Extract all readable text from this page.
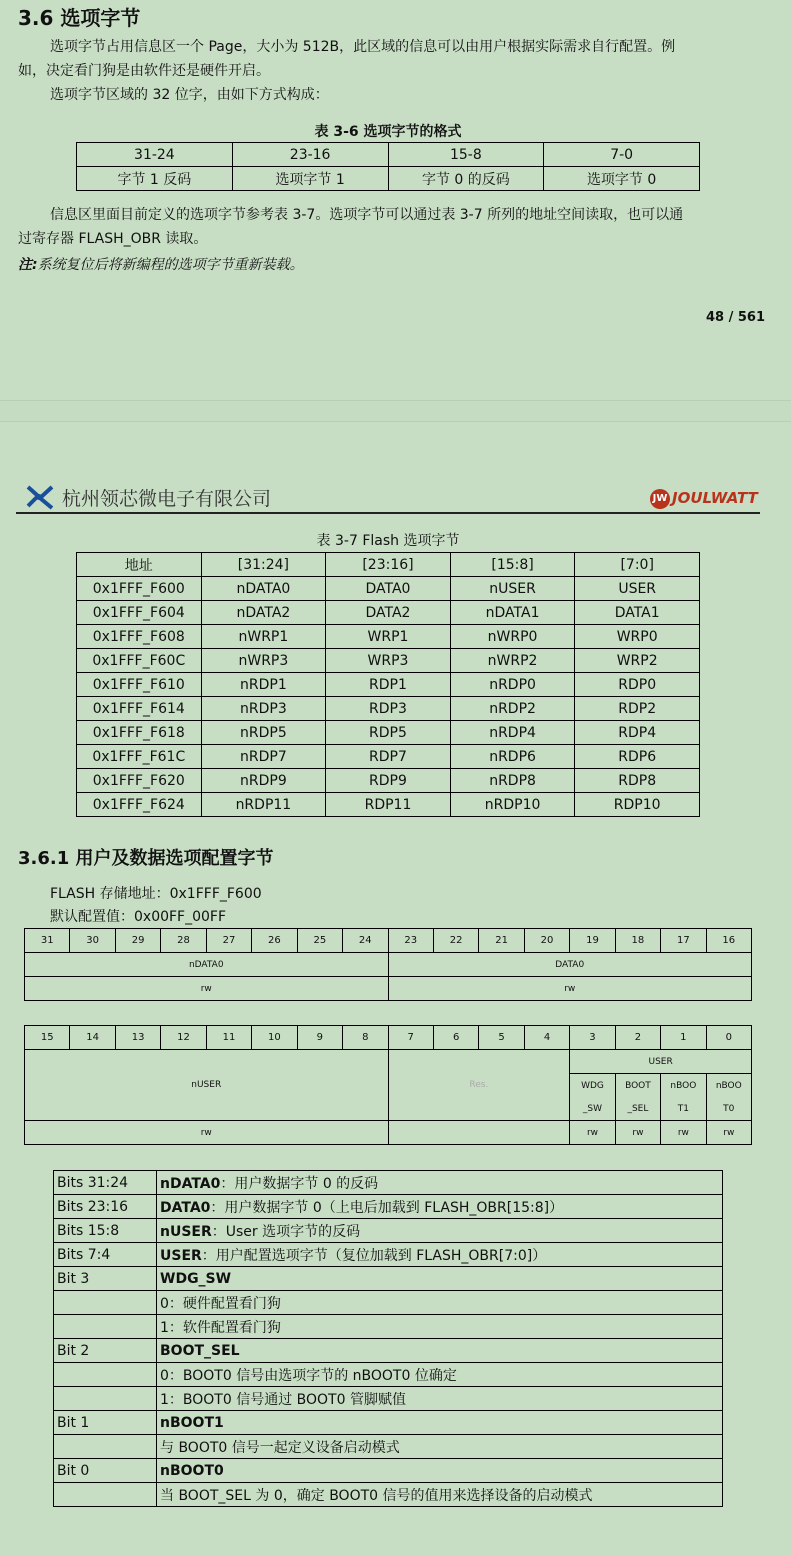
3.6 选项字节
选项字节占用信息区一个 Page，大小为 512B，此区域的信息可以由用户根据实际需求自行配置。例
如，决定看门狗是由软件还是硬件开启。
选项字节区域的 32 位字，由如下方式构成：
表 3-6 选项字节的格式
31-24	23-16	15-8	7-0
字节 1 反码	选项字节 1	字节 0 的反码	选项字节 0
信息区里面目前定义的选项字节参考表 3-7。选项字节可以通过表 3-7 所列的地址空间读取，也可以通
过寄存器 FLASH_OBR 读取。
注:系统复位后将新编程的选项字节重新装载。
48 / 561
杭州领芯微电子有限公司	JW JOULWATT
表 3-7 Flash 选项字节
地址	[31:24]	[23:16]	[15:8]	[7:0]
0x1FFF_F600	nDATA0	DATA0	nUSER	USER
0x1FFF_F604	nDATA2	DATA2	nDATA1	DATA1
0x1FFF_F608	nWRP1	WRP1	nWRP0	WRP0
0x1FFF_F60C	nWRP3	WRP3	nWRP2	WRP2
0x1FFF_F610	nRDP1	RDP1	nRDP0	RDP0
0x1FFF_F614	nRDP3	RDP3	nRDP2	RDP2
0x1FFF_F618	nRDP5	RDP5	nRDP4	RDP4
0x1FFF_F61C	nRDP7	RDP7	nRDP6	RDP6
0x1FFF_F620	nRDP9	RDP9	nRDP8	RDP8
0x1FFF_F624	nRDP11	RDP11	nRDP10	RDP10
3.6.1 用户及数据选项配置字节
FLASH 存储地址：0x1FFF_F600
默认配置值：0x00FF_00FF
31	30	29	28	27	26	25	24	23	22	21	20	19	18	17	16
nDATA0								DATA0							
rw								rw							
15	14	13	12	11	10	9	8	7	6	5	4	3	2	1	0
nUSER								Res.				USER			
												WDG	BOOT	nBOO	nBOO
												_SW	_SEL	T1	T0
rw												rw	rw	rw	rw
Bits 31:24	nDATA0：用户数据字节 0 的反码
Bits 23:16	DATA0：用户数据字节 0（上电后加载到 FLASH_OBR[15:8]）
Bits 15:8	nUSER：User 选项字节的反码
Bits 7:4	USER：用户配置选项字节（复位加载到 FLASH_OBR[7:0]）
Bit 3	WDG_SW
	0：硬件配置看门狗
	1：软件配置看门狗
Bit 2	BOOT_SEL
	0：BOOT0 信号由选项字节的 nBOOT0 位确定
	1：BOOT0 信号通过 BOOT0 管脚赋值
Bit 1	nBOOT1
	与 BOOT0 信号一起定义设备启动模式
Bit 0	nBOOT0
	当 BOOT_SEL 为 0，确定 BOOT0 信号的值用来选择设备的启动模式
